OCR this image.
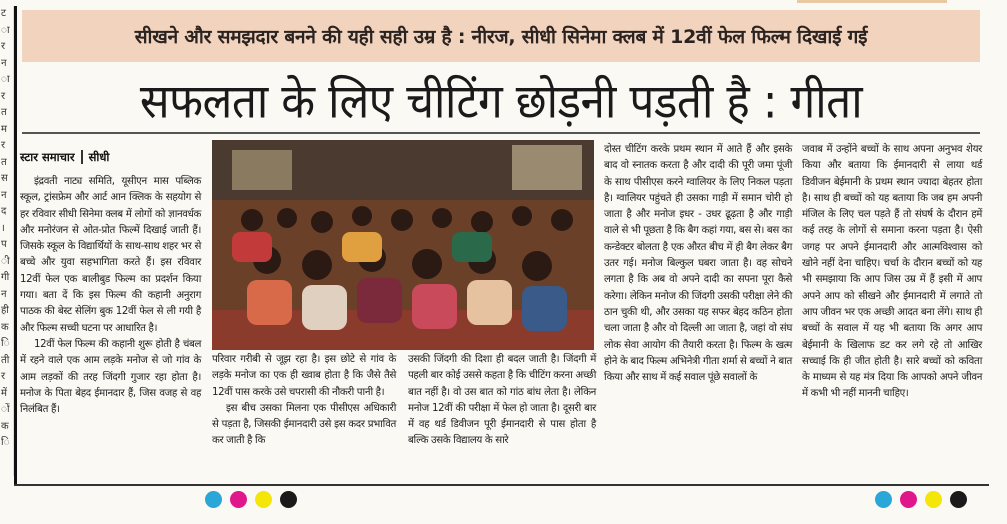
ट
ा
र
न
ा
र
त
म
र
त
स
न
द
।
प
ी
गी
न
ही
क
ि
ती
र
में
ों
क
ि
सीखने और समझदार बनने की यही सही उम्र है : नीरज, सीधी सिनेमा क्लब में 12वीं फेल फिल्म दिखाई गई
सफलता के लिए चीटिंग छोड़नी पड़ती है : गीता
स्टार समाचार सीधी

इंद्रवती नाट्य समिति, यूसीएन मास पब्लिक स्कूल, ट्रांसफ्रेम और आर्ट आन क्लिक के सहयोग से हर रविवार सीधी सिनेमा क्लब में लोगों को ज्ञानवर्धक और मनोरंजन से ओत-प्रोत फिल्में दिखाई जाती हैं। जिसके स्कूल के विद्यार्थियों के साथ-साथ शहर भर से बच्चे और युवा सहभागिता करते हैं। इस रविवार 12वीं फेल एक बालीबुड फिल्म का प्रदर्शन किया गया। बता दें कि इस फिल्म की कहानी अनुराग पाठक की बेस्ट सेलिंग बुक 12वीं फेल से ली गयी है और फिल्म सच्ची घटना पर आधारित है।

12वीं फेल फिल्म की कहानी शुरू होती है चंबल में रहने वाले एक आम लड़के मनोज से जो गांव के आम लड़कों की तरह जिंदगी गुजार रहा होता है। मनोज के पिता बेहद ईमानदार हैं, जिस वजह से वह निलंबित हैं।

परिवार गरीबी से जूझ रहा है। इस छोटे से गांव के लड़के मनोज का एक ही ख्वाब होता है कि जैसे तैसे 12वीं पास करके उसे चपरासी की नौकरी पानी है।

इस बीच उसका मिलना एक पीसीएस अधिकारी से पड़ता है, जिसकी ईमानदारी उसे इस कदर प्रभावित कर जाती है कि

उसकी जिंदगी की दिशा ही बदल जाती है। जिंदगी में पहली बार कोई उससे कहता है कि चीटिंग करना अच्छी बात नहीं है। वो उस बात को गांठ बांध लेता है। लेकिन मनोज 12वीं की परीक्षा में फेल हो जाता है। दूसरी बार में वह थर्ड डिवीजन पूरी ईमानदारी से पास होता है बल्कि उसके विद्यालय के सारे

दोस्त चीटिंग करके प्रथम स्थान में आते हैं और इसके बाद वो स्नातक करता है और दादी की पूरी जमा पूंजी के साथ पीसीएस करने ग्वालियर के लिए निकल पड़ता है। ग्वालियर पहुंचते ही उसका गाड़ी में समान चोरी हो जाता है और मनोज इधर - उधर ढूढ़ता है और गाड़ी वाले से भी पूछता है कि बैग कहां गया, बस से। बस का कन्डेक्टर बोलता है एक औरत बीच में ही बैग लेकर बैग उतर गई। मनोज बिल्कुल घबरा जाता है। वह सोचने लगता है कि अब वो अपने दादी का सपना पूरा कैसे करेगा। लेकिन मनोज की जिंदगी उसकी परीक्षा लेने की ठान चुकी थी, और उसका यह सफर बेहद कठिन होता चला जाता है और वो दिल्ली आ जाता है, जहां वो संघ लोक सेवा आयोग की तैयारी करता है। फिल्म के खत्म होने के बाद फिल्म अभिनेत्री गीता शर्मा से बच्चों ने बात किया और साथ में कई सवाल पूंछे सवालों के

जवाब में उन्होंने बच्चों के साथ अपना अनुभव शेयर किया और बताया कि ईमानदारी से लाया थर्ड डिवीजन बेईमानी के प्रथम स्थान ज्यादा बेहतर होता है। साथ ही बच्चों को यह बताया कि जब हम अपनी मंजिल के लिए चल पड़ते हैं तो संघर्ष के दौरान हमें कई तरह के लोगों से समाना करना पड़ता है। ऐसी जगह पर अपने ईमानदारी और आत्मविश्वास को खोने नहीं देना चाहिए। चर्चा के दौरान बच्चों को यह भी समझाया कि आप जिस उम्र में हैं इसी में आप अपने आप को सीखने और ईमानदारी में लगाते तो आप जीवन भर एक अच्छी आदत बना लेंगे। साथ ही बच्चों के सवाल में यह भी बताया कि अगर आप बेईमानी के खिलाफ डट कर लगे रहे तो आखिर सच्चाई कि ही जीत होती है। सारे बच्चों को कविता के माध्यम से यह मंत्र दिया कि आपको अपने जीवन में कभी भी नहीं माननी चाहिए।
